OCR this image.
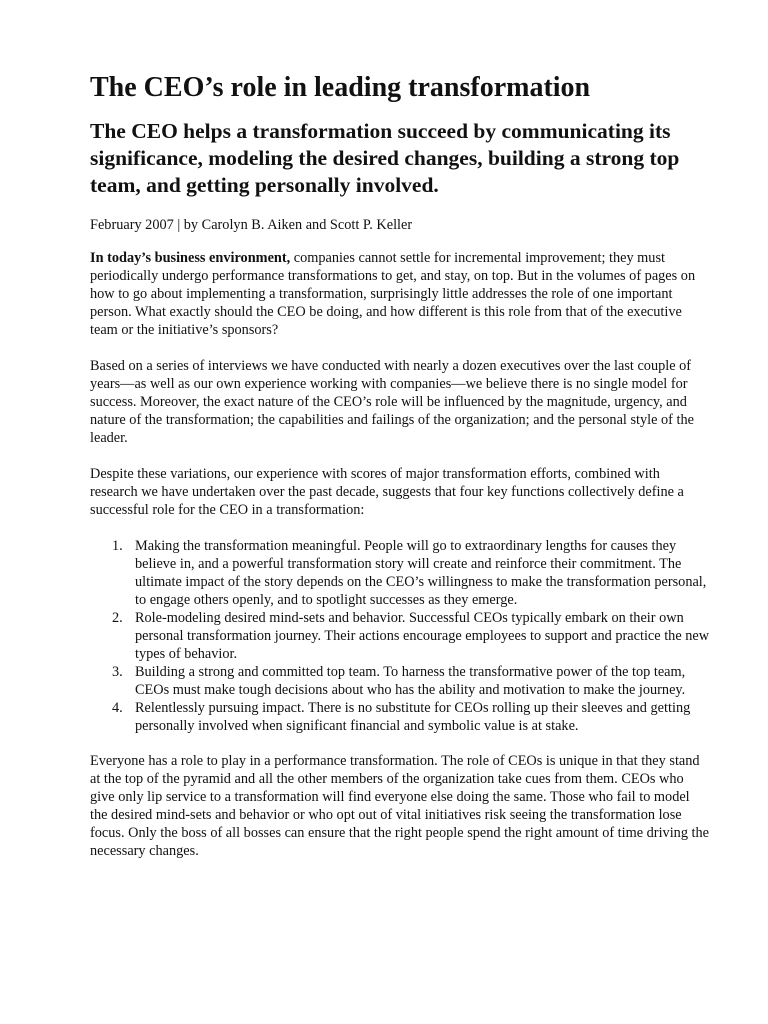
The CEO’s role in leading transformation
The CEO helps a transformation succeed by communicating its significance, modeling the desired changes, building a strong top team, and getting personally involved.
February 2007 | by Carolyn B. Aiken and Scott P. Keller

In today’s business environment, companies cannot settle for incremental improvement; they must periodically undergo performance transformations to get, and stay, on top. But in the volumes of pages on how to go about implementing a transformation, surprisingly little addresses the role of one important person. What exactly should the CEO be doing, and how different is this role from that of the executive team or the initiative’s sponsors?

Based on a series of interviews we have conducted with nearly a dozen executives over the last couple of years—as well as our own experience working with companies—we believe there is no single model for success. Moreover, the exact nature of the CEO’s role will be influenced by the magnitude, urgency, and nature of the transformation; the capabilities and failings of the organization; and the personal style of the leader.

Despite these variations, our experience with scores of major transformation efforts, combined with research we have undertaken over the past decade, suggests that four key functions collectively define a successful role for the CEO in a transformation:

1. Making the transformation meaningful. People will go to extraordinary lengths for causes they believe in, and a powerful transformation story will create and reinforce their commitment. The ultimate impact of the story depends on the CEO’s willingness to make the transformation personal, to engage others openly, and to spotlight successes as they emerge.
2. Role-modeling desired mind-sets and behavior. Successful CEOs typically embark on their own personal transformation journey. Their actions encourage employees to support and practice the new types of behavior.
3. Building a strong and committed top team. To harness the transformative power of the top team, CEOs must make tough decisions about who has the ability and motivation to make the journey.
4. Relentlessly pursuing impact. There is no substitute for CEOs rolling up their sleeves and getting personally involved when significant financial and symbolic value is at stake.

Everyone has a role to play in a performance transformation. The role of CEOs is unique in that they stand at the top of the pyramid and all the other members of the organization take cues from them. CEOs who give only lip service to a transformation will find everyone else doing the same. Those who fail to model the desired mind-sets and behavior or who opt out of vital initiatives risk seeing the transformation lose focus. Only the boss of all bosses can ensure that the right people spend the right amount of time driving the necessary changes.
